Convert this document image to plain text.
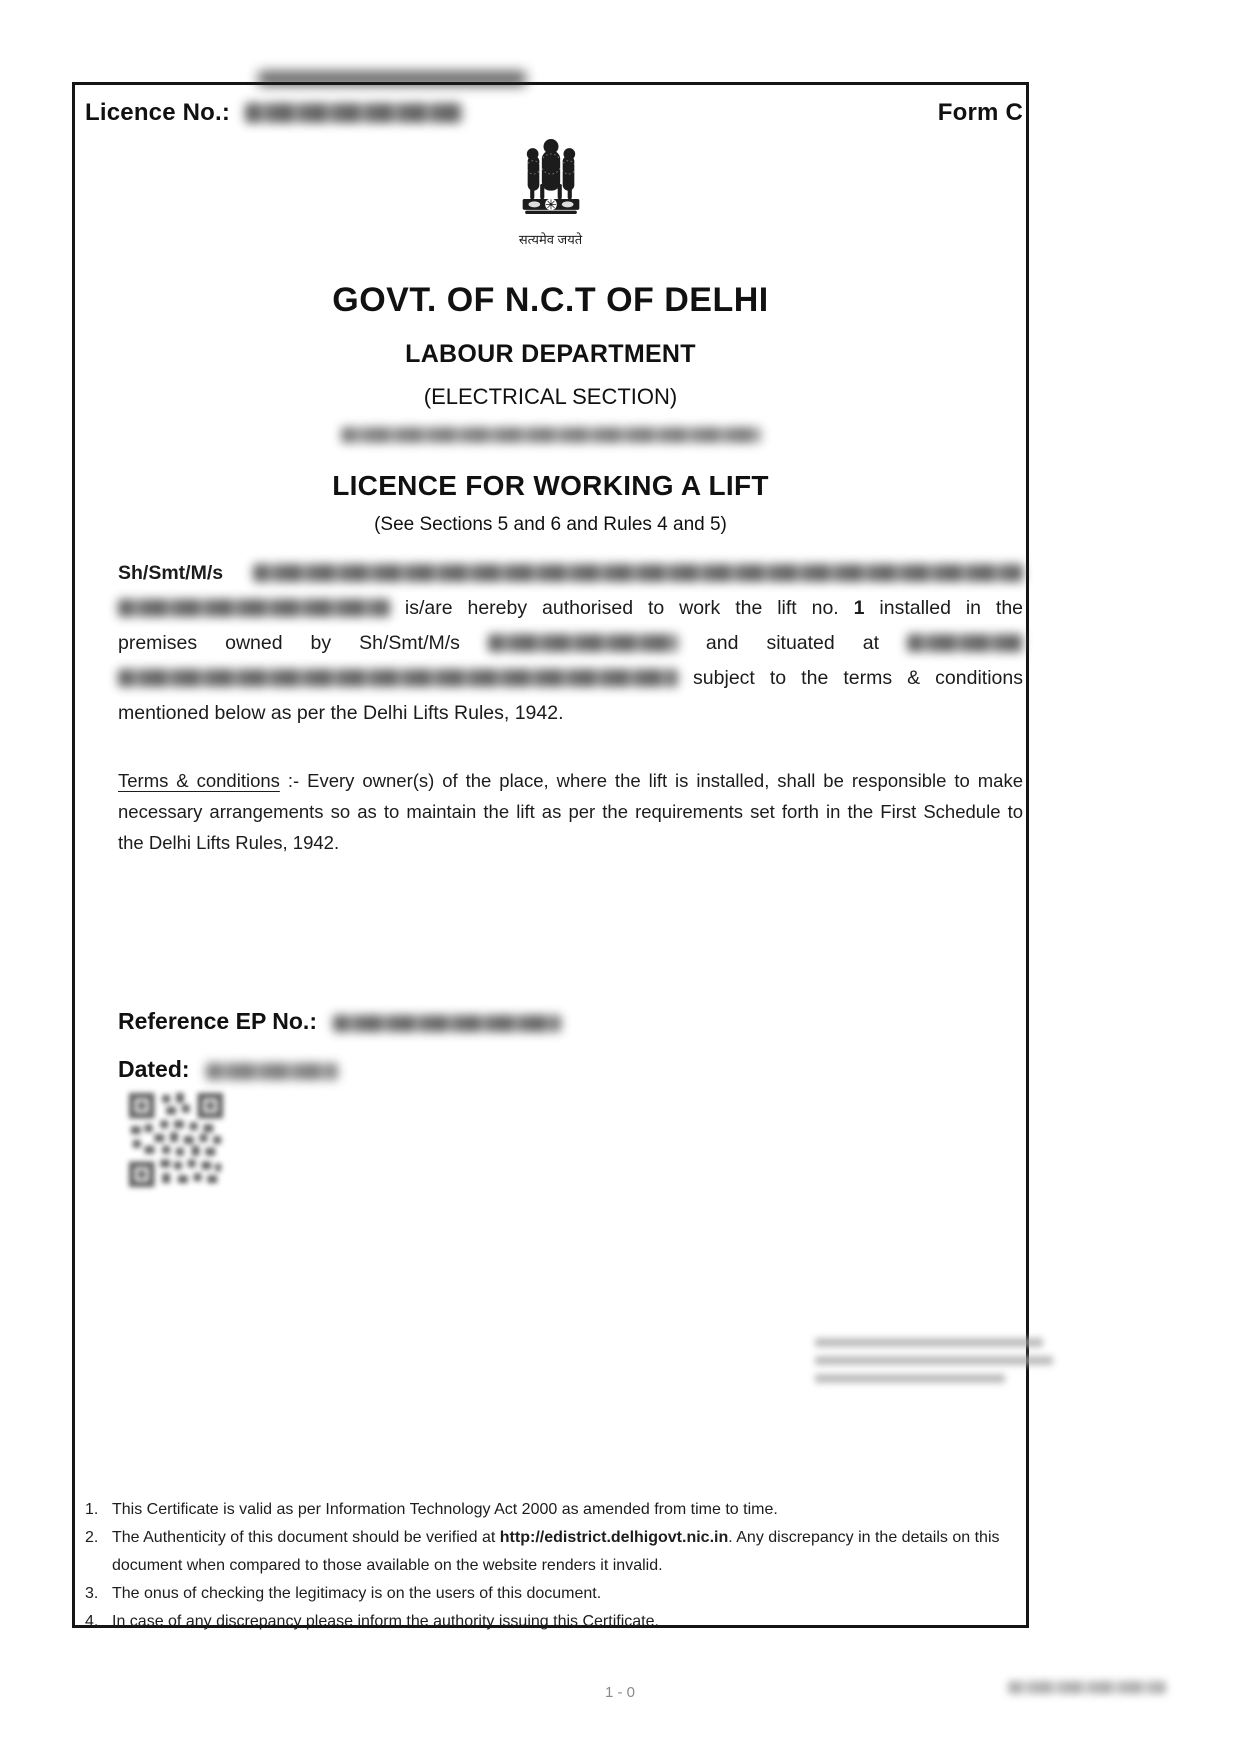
Licence No.:	Form C
सत्यमेव जयते
GOVT. OF N.C.T OF DELHI
LABOUR DEPARTMENT
(ELECTRICAL SECTION)
LICENCE FOR WORKING A LIFT
(See Sections 5 and 6 and Rules 4 and 5)
Sh/Smt/M/s
is/are hereby authorised to work the lift no. 1 installed in the
premises owned by Sh/Smt/M/s	and situated at
subject to the terms & conditions
mentioned below as per the Delhi Lifts Rules, 1942.
Terms & conditions :- Every owner(s) of the place, where the lift is installed, shall be responsible to make
necessary arrangements so as to maintain the lift as per the requirements set forth in the First Schedule to
the Delhi Lifts Rules, 1942.
Reference EP No.:
Dated:
1. This Certificate is valid as per Information Technology Act 2000 as amended from time to time.
2. The Authenticity of this document should be verified at http://edistrict.delhigovt.nic.in. Any discrepancy in the details on this document when compared to those available on the website renders it invalid.
3. The onus of checking the legitimacy is on the users of this document.
4. In case of any discrepancy please inform the authority issuing this Certificate.
1 - 0
